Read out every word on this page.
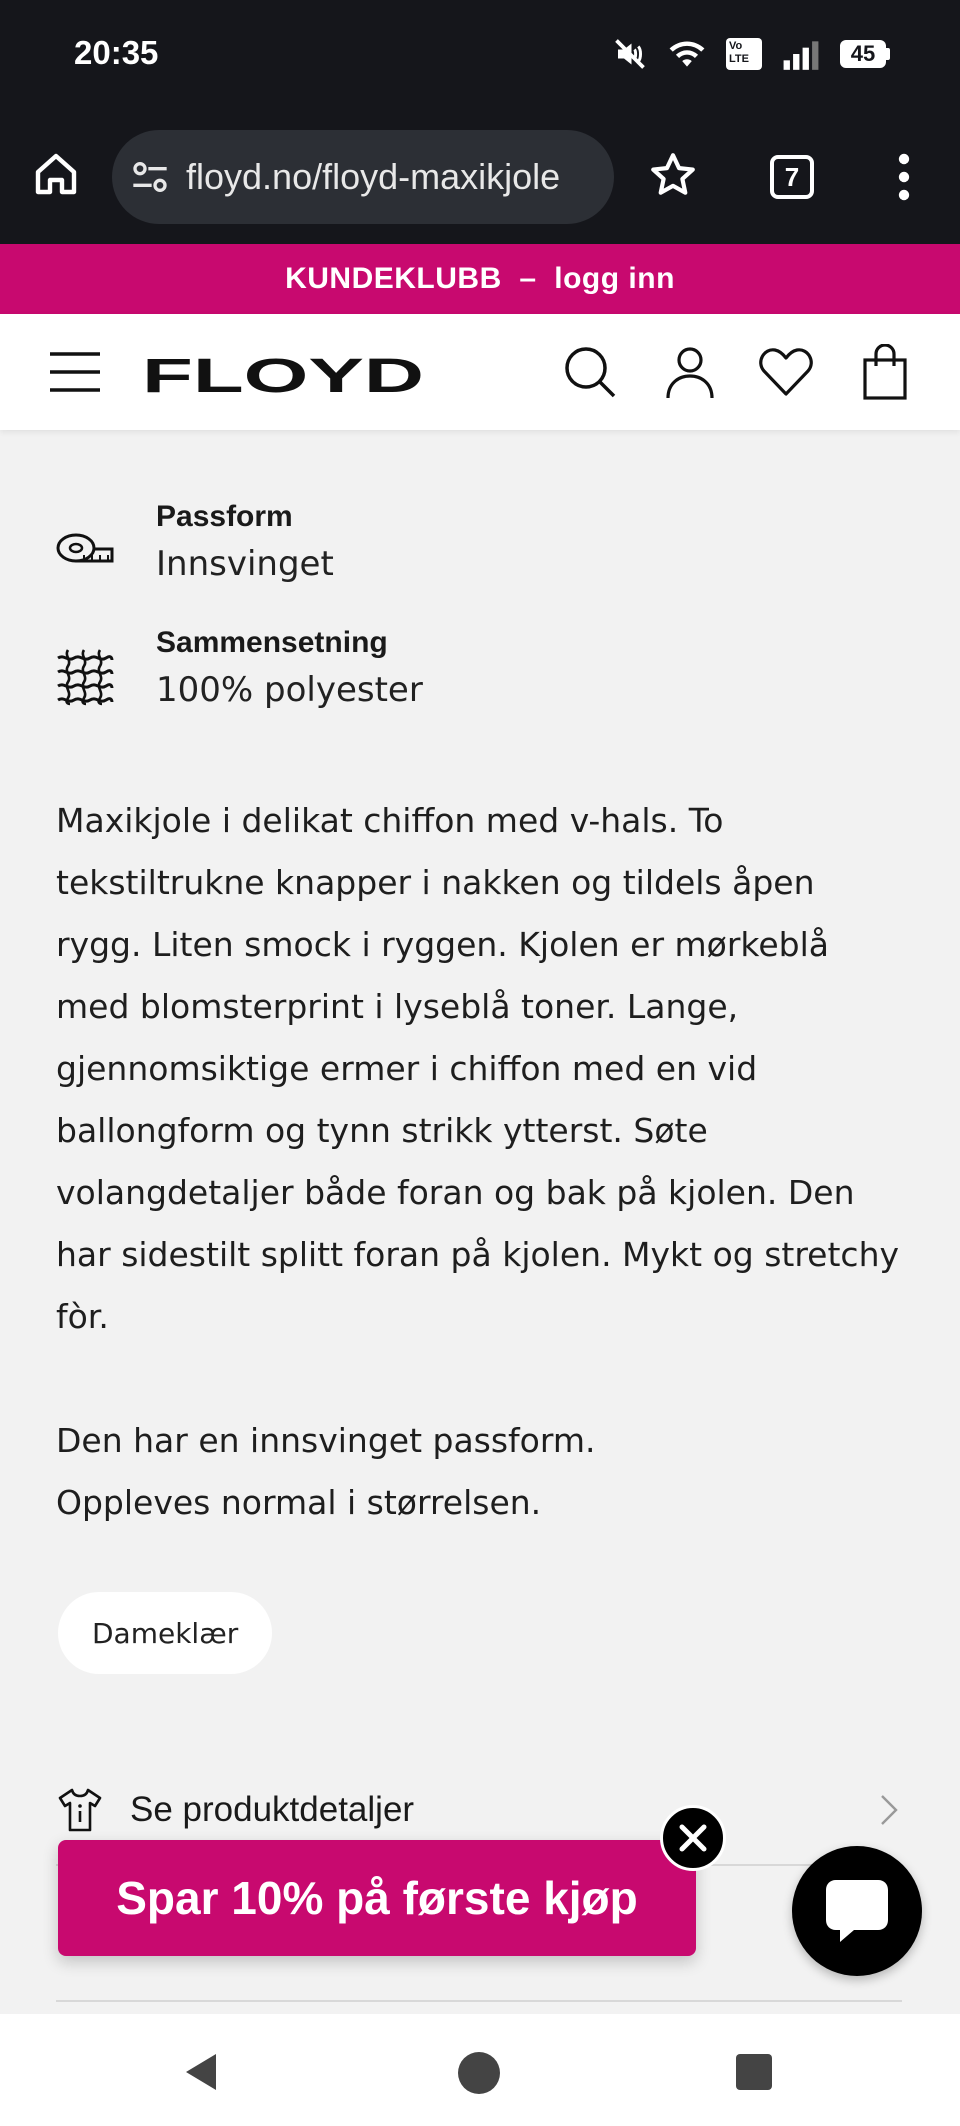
20:35	Vo
LTE	45
floyd.no/floyd-maxikjole	7
KUNDEKLUBB  –  logg inn
FLOYD
Passform
Innsvinget
Sammensetning
100% polyester

Maxikjole i delikat chiffon med v-hals. To

tekstiltrukne knapper i nakken og tildels åpen

rygg. Liten smock i ryggen. Kjolen er mørkeblå

med blomsterprint i lyseblå toner. Lange,

gjennomsiktige ermer i chiffon med en vid

ballongform og tynn strikk ytterst. Søte

volangdetaljer både foran og bak på kjolen. Den

har sidestilt splitt foran på kjolen. Mykt og stretchy

fòr.

Den har en innsvinget passform.

Oppleves normal i størrelsen.

Dameklær
Se produktdetaljer
Spar 10% på første kjøp
